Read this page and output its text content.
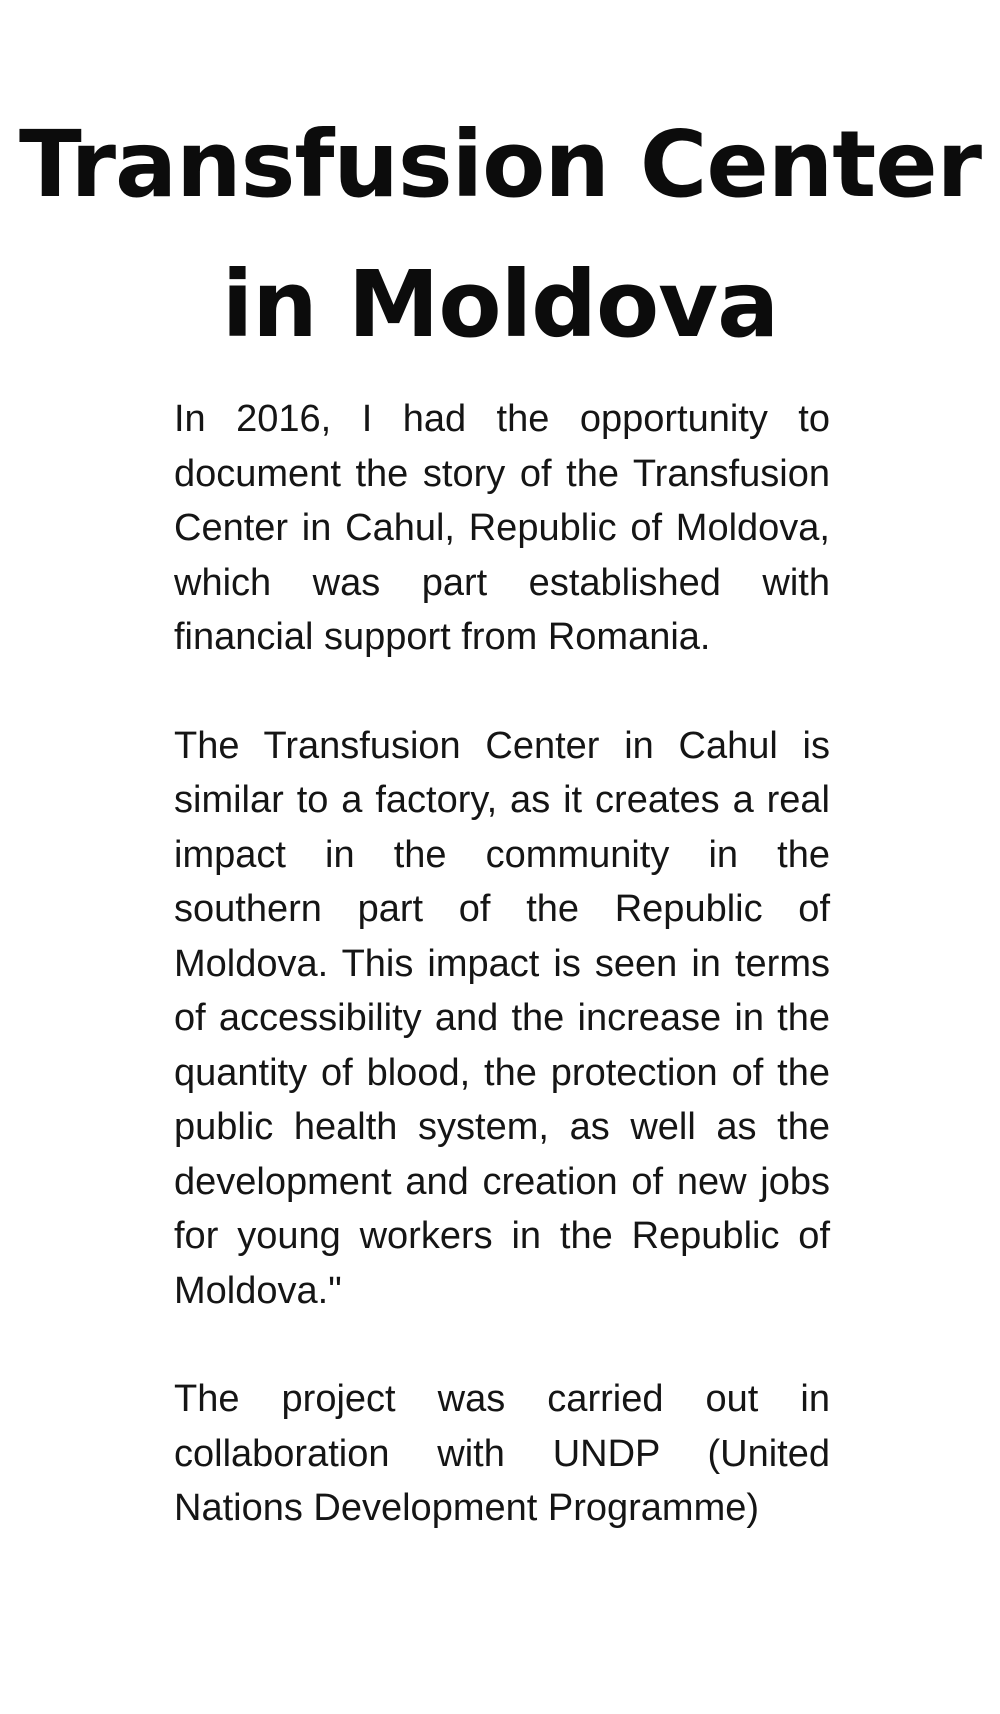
Transfusion Center
in Moldova

In 2016, I had the opportunity to document the story of the Transfusion Center in Cahul, Republic of Moldova, which was part established with financial support from Romania.

The Transfusion Center in Cahul is similar to a factory, as it creates a real impact in the community in the southern part of the Republic of Moldova. This impact is seen in terms of accessibility and the increase in the quantity of blood, the protection of the public health system, as well as the development and creation of new jobs for young workers in the Republic of Moldova."

The project was carried out in collaboration with UNDP (United Nations Development Programme)
